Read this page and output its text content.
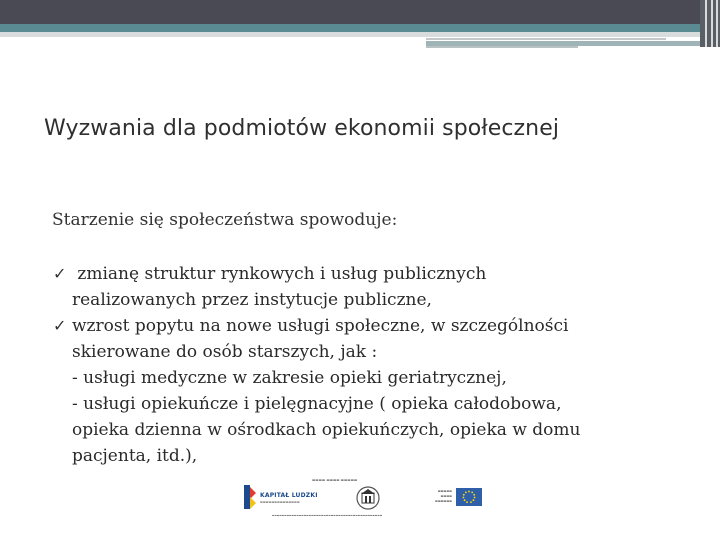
Wyzwania dla podmiotów ekonomii społecznej

Starzenie się społeczeństwa spowoduje:

✓ zmianę struktur rynkowych i usług publicznych
realizowanych przez instytucje publiczne,
✓ wzrost popytu na nowe usługi społeczne, w szczególności
skierowane do osób starszych, jak :
- usługi medyczne w zakresie opieki geriatrycznej,
- usługi opiekuńcze i pielęgnacyjne ( opieka całodobowa,
opieka dzienna w ośrodkach opiekuńczych, opieka w domu
pacjenta, itd.),
▬▬▬▬ ▬▬▬▬ ▬▬▬▬▬
KAPITAŁ LUDZKI
▬▬▬▬▬▬▬▬▬▬▬▬▬▬
▬▬▬▬▬
▬▬▬▬
▬▬▬▬▬▬
▬▬▬▬▬▬▬▬▬▬▬▬▬▬▬▬▬▬▬▬▬▬▬▬▬▬▬▬▬▬▬▬▬▬▬▬▬▬▬▬▬▬▬▬▬
